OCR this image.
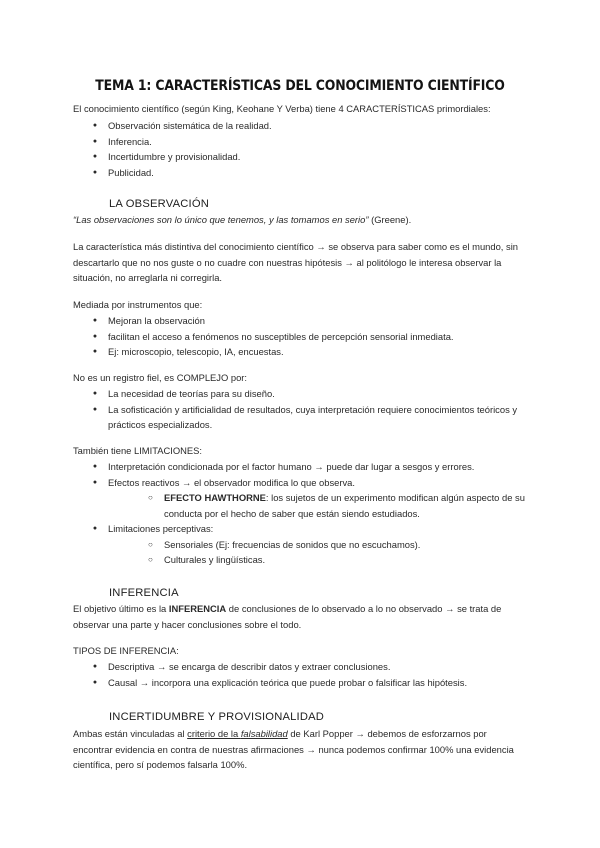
TEMA 1: CARACTERÍSTICAS DEL CONOCIMIENTO CIENTÍFICO

El conocimiento científico (según King, Keohane Y Verba) tiene 4 CARACTERÍSTICAS primordiales:

●	Observación sistemática de la realidad.
●	Inferencia.
●	Incertidumbre y provisionalidad.
●	Publicidad.
LA OBSERVACIÓN

“Las observaciones son lo único que tenemos, y las tomamos en serio” (Greene).

La característica más distintiva del conocimiento científico → se observa para saber como es el mundo, sin descartarlo que no nos guste o no cuadre con nuestras hipótesis → al politólogo le interesa observar la situación, no arreglarla ni corregirla.

Mediada por instrumentos que:

●	Mejoran la observación
●	facilitan el acceso a fenómenos no susceptibles de percepción sensorial inmediata.
●	Ej: microscopio, telescopio, IA, encuestas.

No es un registro fiel, es COMPLEJO por:

●	La necesidad de teorías para su diseño.
●	La sofisticación y artificialidad de resultados, cuya interpretación requiere conocimientos teóricos y prácticos especializados.

También tiene LIMITACIONES:

●	Interpretación condicionada por el factor humano → puede dar lugar a sesgos y errores.
●	Efectos reactivos → el observador modifica lo que observa.
○ EFECTO HAWTHORNE: los sujetos de un experimento modifican algún aspecto de su conducta por el hecho de saber que están siendo estudiados.
●	Limitaciones perceptivas:
○ Sensoriales (Ej: frecuencias de sonidos que no escuchamos).
○ Culturales y lingüísticas.
INFERENCIA

El objetivo último es la INFERENCIA de conclusiones de lo observado a lo no observado → se trata de observar una parte y hacer conclusiones sobre el todo.

TIPOS DE INFERENCIA:

●	Descriptiva → se encarga de describir datos y extraer conclusiones.
●	Causal → incorpora una explicación teórica que puede probar o falsificar las hipótesis.
INCERTIDUMBRE Y PROVISIONALIDAD

Ambas están vinculadas al criterio de la falsabilidad de Karl Popper → debemos de esforzarnos por encontrar evidencia en contra de nuestras afirmaciones → nunca podemos confirmar 100% una evidencia científica, pero sí podemos falsarla 100%.
